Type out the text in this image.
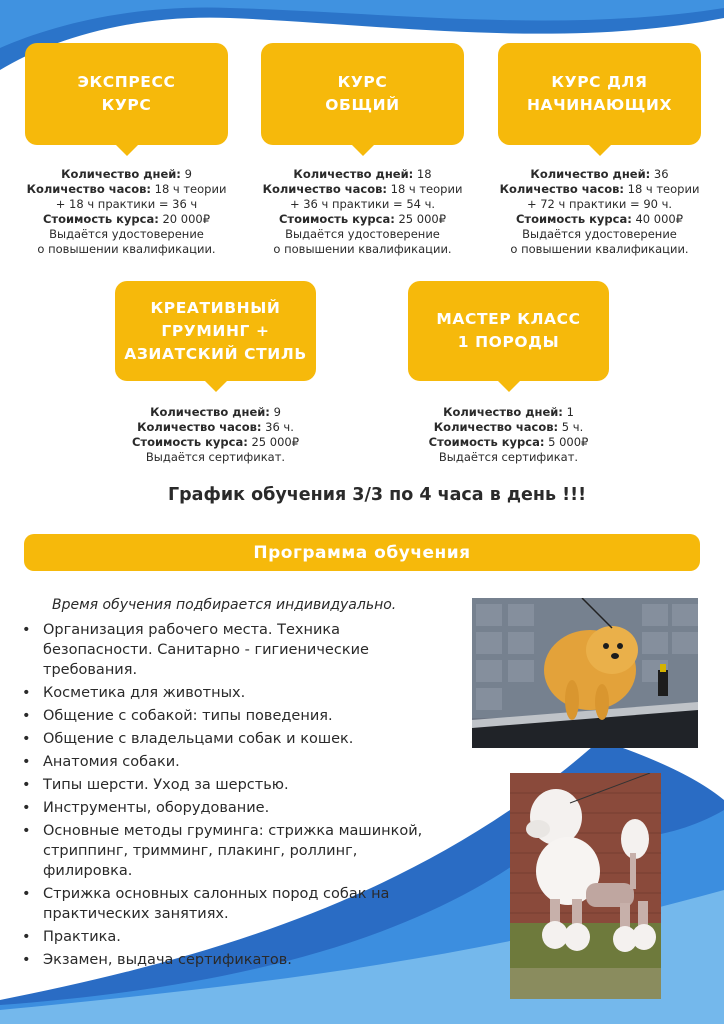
ЭКСПРЕСС
КУРС
Количество дней: 9
Количество часов: 18 ч теории
+ 18 ч практики = 36 ч
Стоимость курса: 20 000₽
Выдаётся удостоверение
о повышении квалификации.
КУРС
ОБЩИЙ
Количество дней: 18
Количество часов: 18 ч теории
+ 36 ч практики = 54 ч.
Стоимость курса: 25 000₽
Выдаётся удостоверение
о повышении квалификации.
КУРС ДЛЯ
НАЧИНАЮЩИХ
Количество дней: 36
Количество часов: 18 ч теории
+ 72 ч практики = 90 ч.
Стоимость курса: 40 000₽
Выдаётся удостоверение
о повышении квалификации.
КРЕАТИВНЫЙ
ГРУМИНГ +
АЗИАТСКИЙ СТИЛЬ
Количество дней: 9
Количество часов: 36 ч.
Стоимость курса: 25 000₽
Выдаётся сертификат.
МАСТЕР КЛАСС
1 ПОРОДЫ
Количество дней: 1
Количество часов: 5 ч.
Стоимость курса: 5 000₽
Выдаётся сертификат.
График обучения 3/3 по 4 часа в день !!!
Программа обучения
Время обучения подбирается индивидуально.
• Организация рабочего места. Техника безопасности. Санитарно - гигиенические требования.
• Косметика для животных.
• Общение с собакой: типы поведения.
• Общение с владельцами собак и кошек.
• Анатомия собаки.
• Типы шерсти. Уход за шерстью.
• Инструменты, оборудование.
• Основные методы груминга: стрижка машинкой, стриппинг, тримминг, плакинг, роллинг, филировка.
• Стрижка основных салонных пород собак на практических занятиях.
• Практика.
• Экзамен, выдача сертификатов.
